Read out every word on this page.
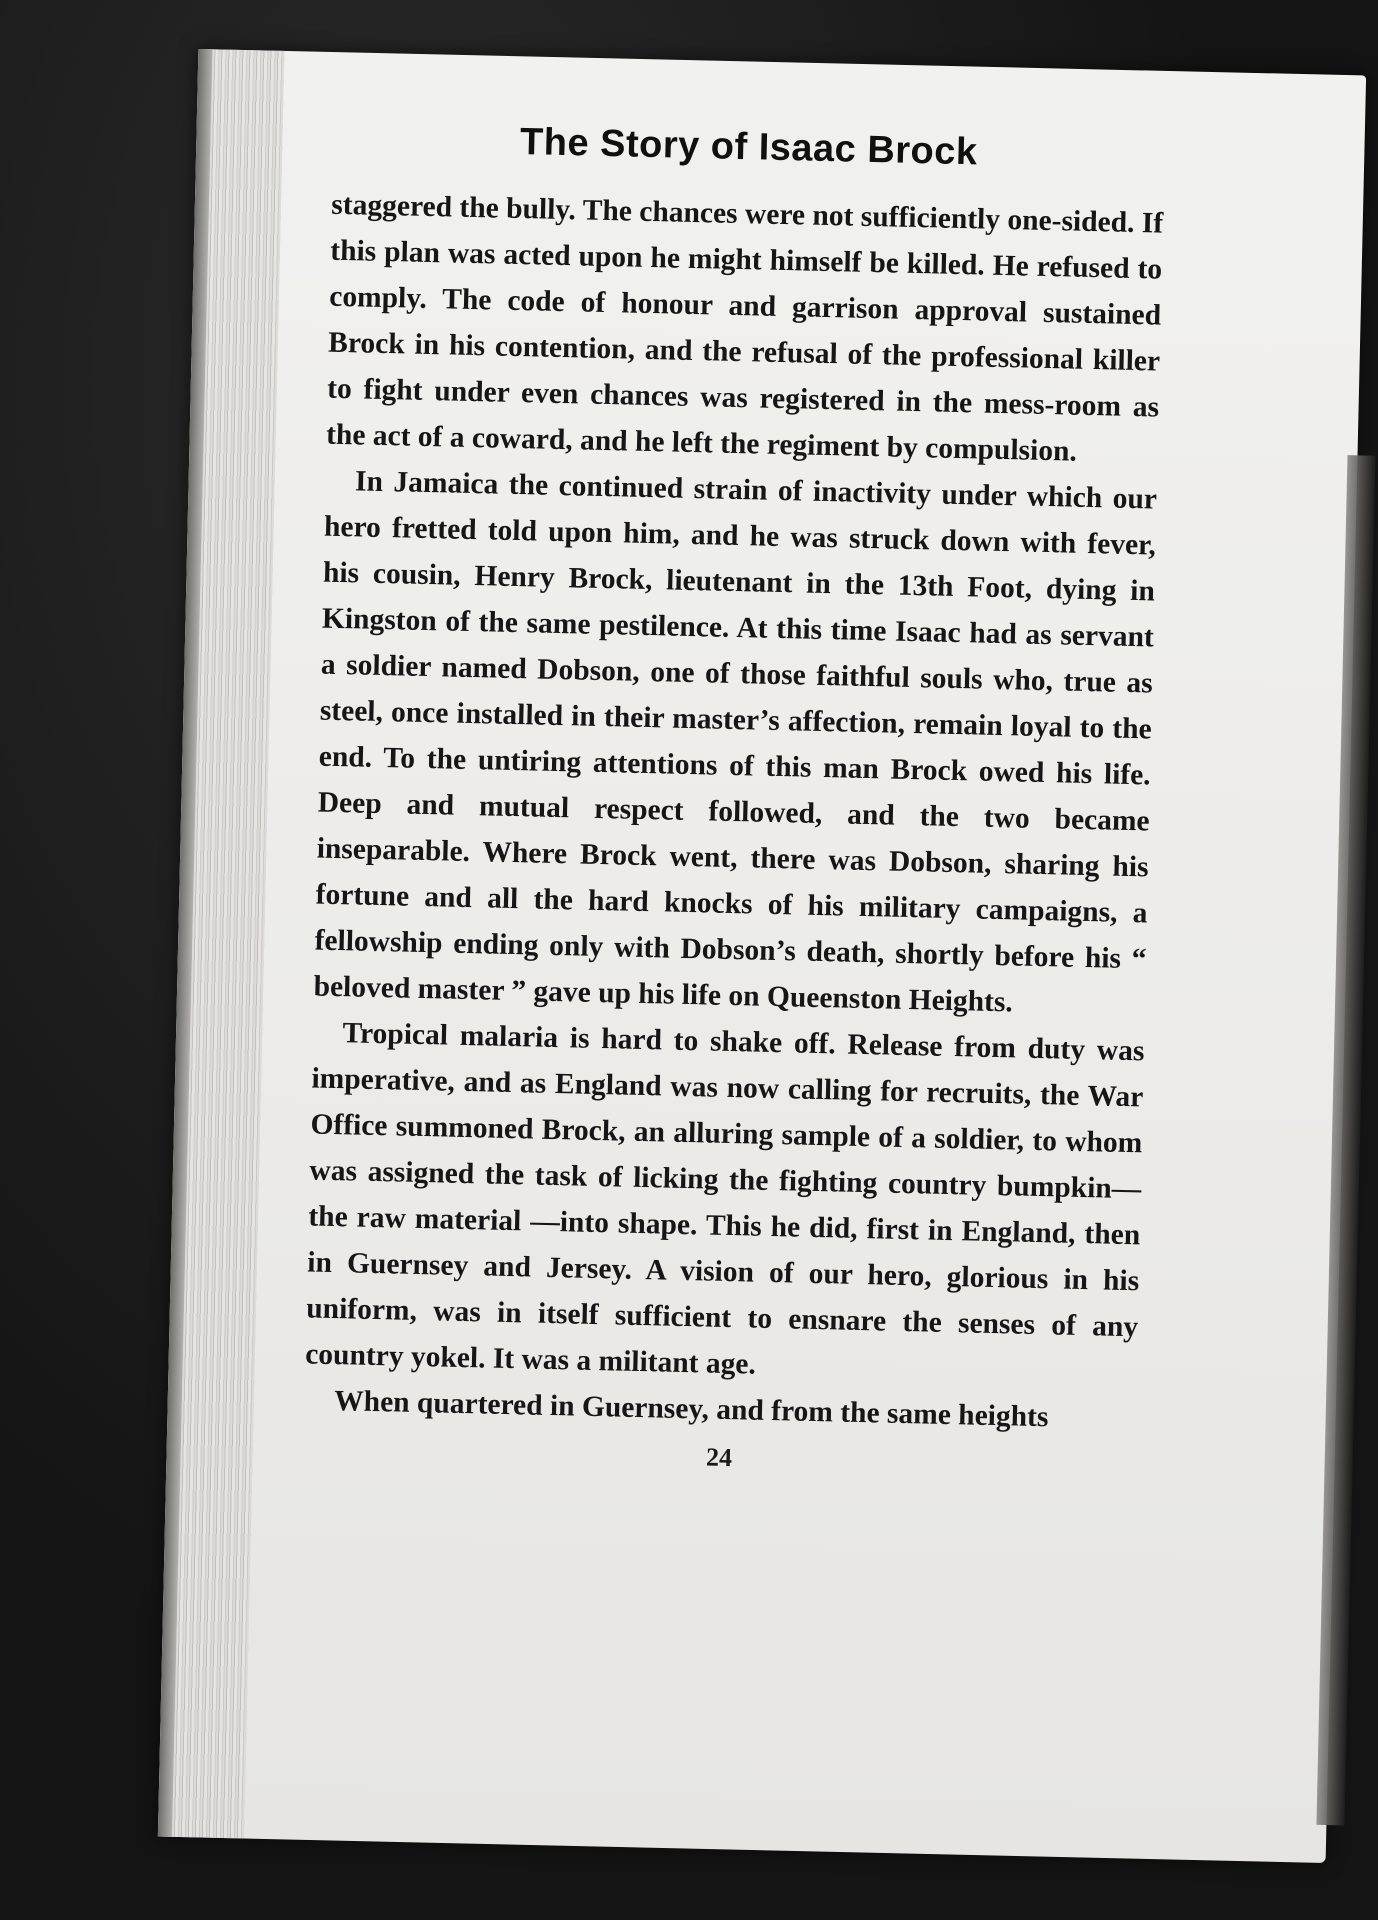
The Story of Isaac Brock

staggered the bully. The chances were not sufficiently one-sided. If this plan was acted upon he might himself be killed. He refused to comply. The code of honour and garrison approval sustained Brock in his contention, and the refusal of the professional killer to fight under even chances was registered in the mess-room as the act of a coward, and he left the regiment by compulsion.

In Jamaica the continued strain of inactivity under which our hero fretted told upon him, and he was struck down with fever, his cousin, Henry Brock, lieutenant in the 13th Foot, dying in Kingston of the same pestilence. At this time Isaac had as servant a soldier named Dobson, one of those faithful souls who, true as steel, once installed in their master’s affection, remain loyal to the end. To the untiring attentions of this man Brock owed his life. Deep and mutual respect followed, and the two became inseparable. Where Brock went, there was Dobson, sharing his fortune and all the hard knocks of his military campaigns, a fellowship ending only with Dobson’s death, shortly before his “ beloved master ” gave up his life on Queenston Heights.

Tropical malaria is hard to shake off. Release from duty was imperative, and as England was now calling for recruits, the War Office summoned Brock, an alluring sample of a soldier, to whom was assigned the task of licking the fighting country bumpkin—the raw material —into shape. This he did, first in England, then in Guernsey and Jersey. A vision of our hero, glorious in his uniform, was in itself sufficient to ensnare the senses of any country yokel. It was a militant age.

When quartered in Guernsey, and from the same heights

24
